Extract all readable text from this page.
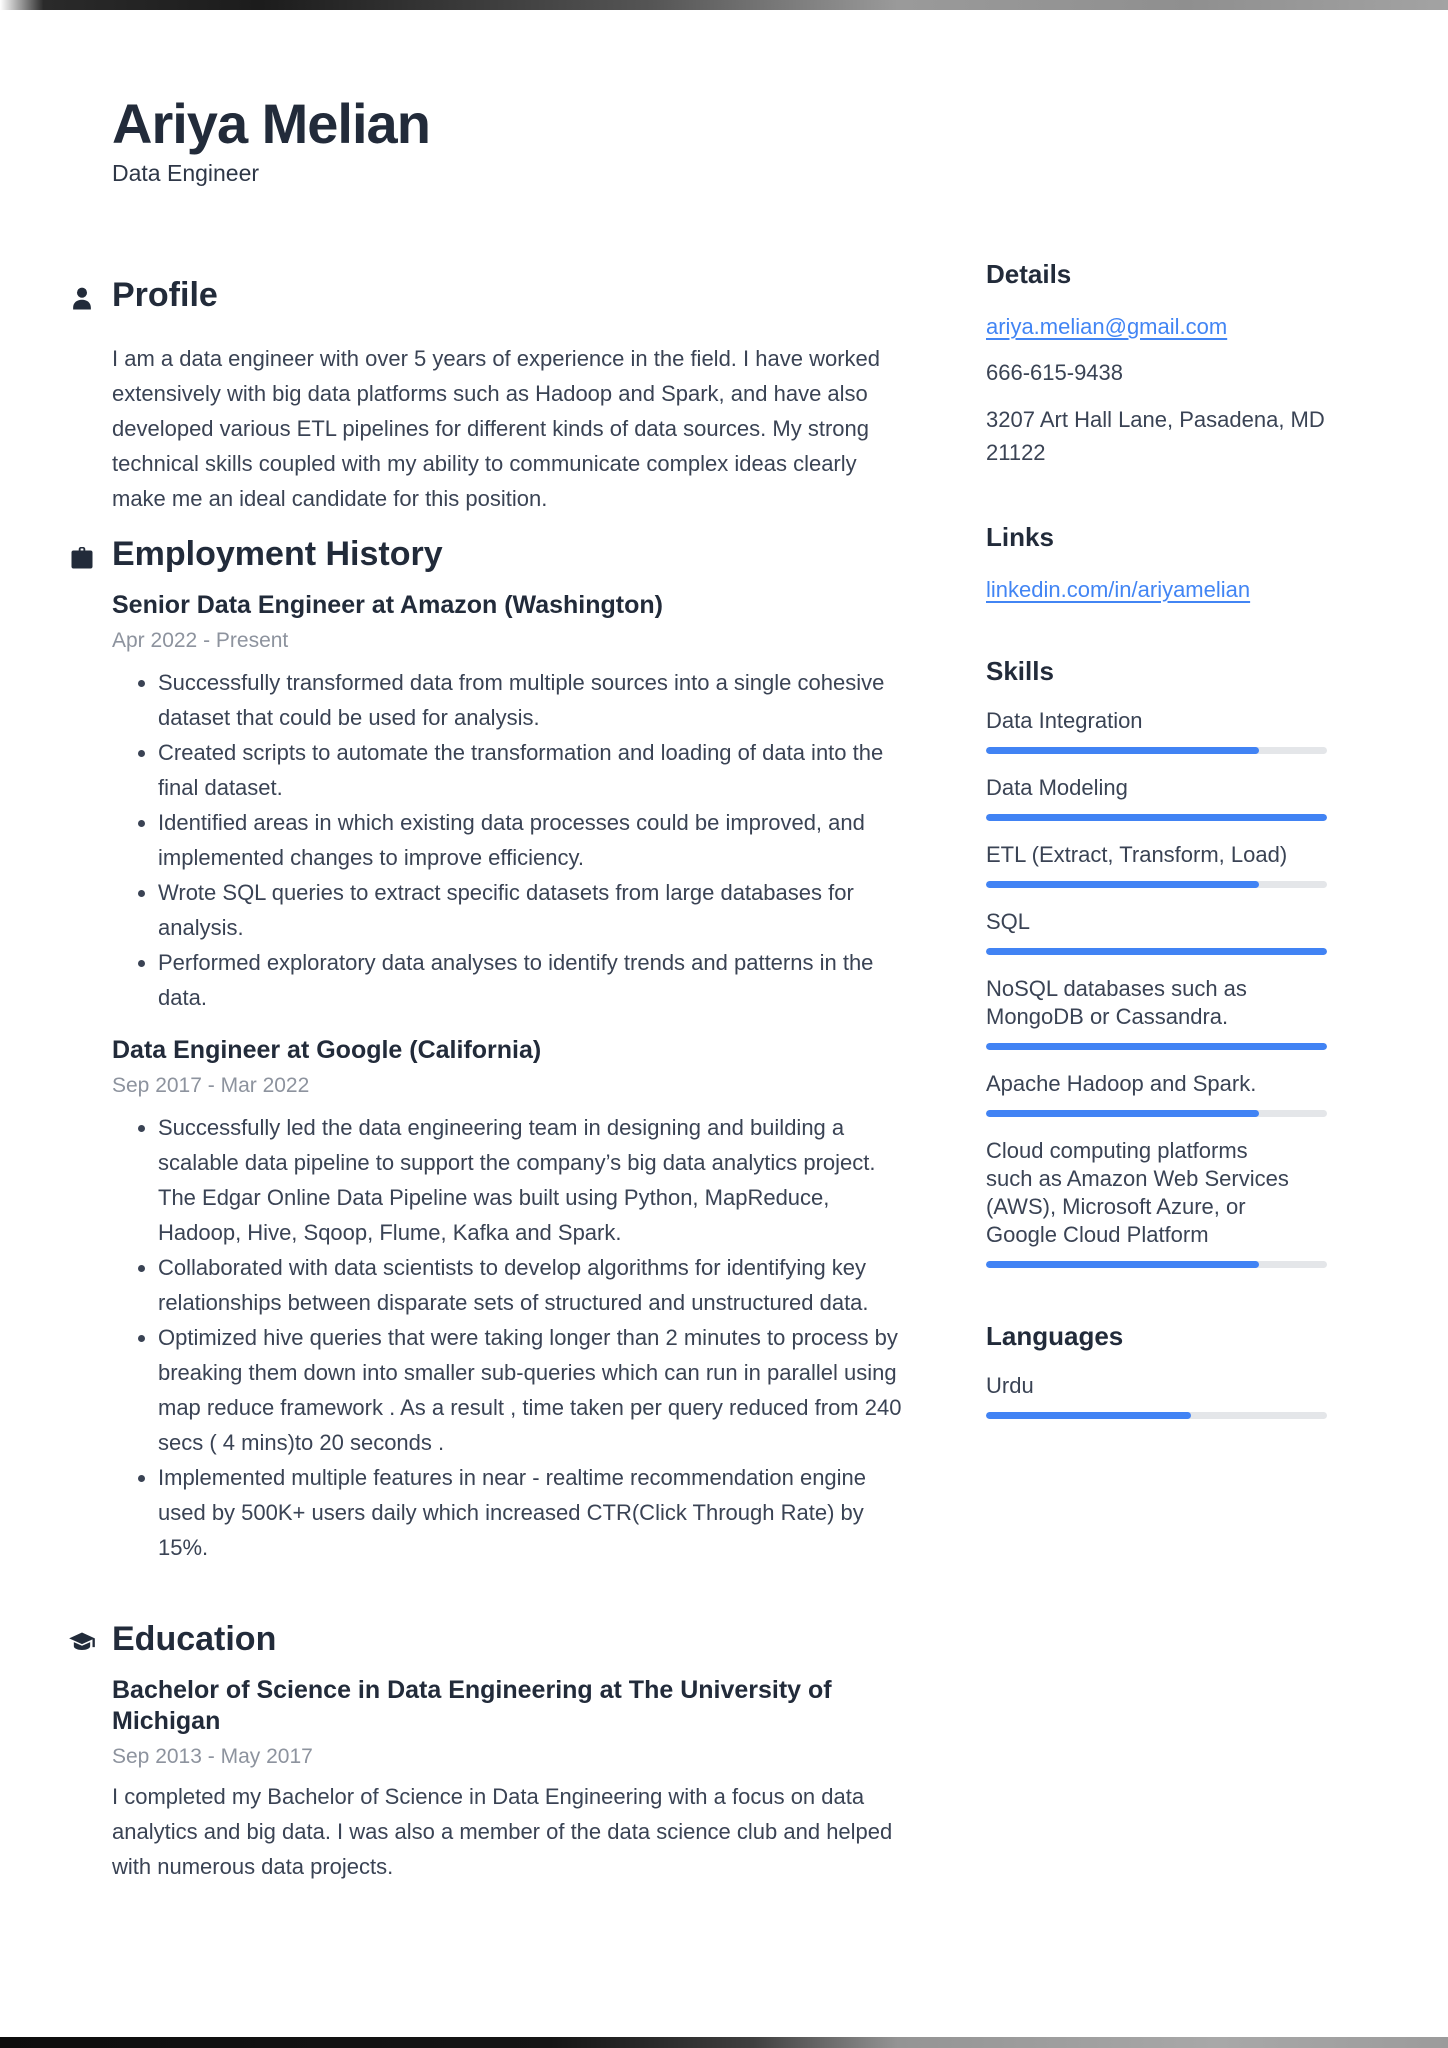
Ariya Melian
Data Engineer
Profile
I am a data engineer with over 5 years of experience in the field. I have worked extensively with big data platforms such as Hadoop and Spark, and have also developed various ETL pipelines for different kinds of data sources. My strong technical skills coupled with my ability to communicate complex ideas clearly make me an ideal candidate for this position.
Employment History
Senior Data Engineer at Amazon (Washington)
Apr 2022 - Present
• Successfully transformed data from multiple sources into a single cohesive dataset that could be used for analysis.
• Created scripts to automate the transformation and loading of data into the final dataset.
• Identified areas in which existing data processes could be improved, and implemented changes to improve efficiency.
• Wrote SQL queries to extract specific datasets from large databases for analysis.
• Performed exploratory data analyses to identify trends and patterns in the data.
Data Engineer at Google (California)
Sep 2017 - Mar 2022
• Successfully led the data engineering team in designing and building a scalable data pipeline to support the company’s big data analytics project. The Edgar Online Data Pipeline was built using Python, MapReduce, Hadoop, Hive, Sqoop, Flume, Kafka and Spark.
• Collaborated with data scientists to develop algorithms for identifying key relationships between disparate sets of structured and unstructured data.
• Optimized hive queries that were taking longer than 2 minutes to process by breaking them down into smaller sub-queries which can run in parallel using map reduce framework . As a result , time taken per query reduced from 240 secs ( 4 mins)to 20 seconds .
• Implemented multiple features in near - realtime recommendation engine used by 500K+ users daily which increased CTR(Click Through Rate) by 15%.
Education
Bachelor of Science in Data Engineering at The University of Michigan
Sep 2013 - May 2017
I completed my Bachelor of Science in Data Engineering with a focus on data analytics and big data. I was also a member of the data science club and helped with numerous data projects.
Details
ariya.melian@gmail.com
666-615-9438
3207 Art Hall Lane, Pasadena, MD 21122
Links
linkedin.com/in/ariyamelian
Skills
Data Integration
Data Modeling
ETL (Extract, Transform, Load)
SQL
NoSQL databases such as MongoDB or Cassandra.
Apache Hadoop and Spark.
Cloud computing platforms such as Amazon Web Services (AWS), Microsoft Azure, or Google Cloud Platform
Languages
Urdu
